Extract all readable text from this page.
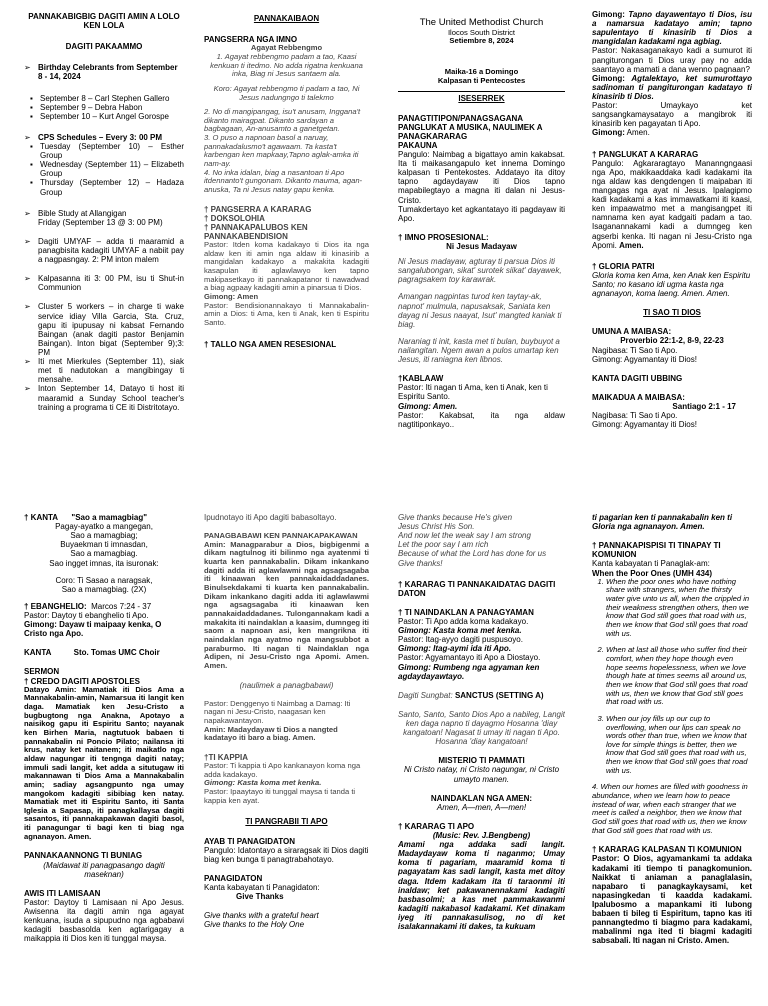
PANNAKABIGBIG DAGITI AMIN A LOLO KEN LOLA

DAGITI PAKAAMMO

➢ Birthday Celebrants from September 8 - 14, 2024

▪ September 8 – Carl Stephen Gallero
▪ September 9 – Debra Habon
▪ September 10 – Kurt Angel Gorospe

➢ CPS Schedules – Every 3: 00 PM

▪ Tuesday (September 10) – Esther Group
▪ Wednesday (September 11) – Elizabeth Group
▪ Thursday (September 12) – Hadaza Group

➢ Bible Study at Allangigan
Friday (September 13 @ 3: 00 PM)

➢ Dagiti UMYAF – adda ti maaramid a panagbisita kadagiti UMYAF a nabiit pay a nagpasngay. 2: PM inton malem

➢ Kalpasanna iti 3: 00 PM, isu ti Shut-in Communion

➢ Cluster 5 workers – in charge ti wake service idiay Villa Garcia, Sta. Cruz, gapu iti ipupusay ni kabsat Fernando Baingan (anak dagiti pastor Benjamin Baingan). Inton bigat (September 9);3: PM

➢ Iti met Mierkules (September 11), siak met ti nadutokan a mangibingay ti mensahe.

➢ Inton September 14, Datayo ti host iti maaramid a Sunday School teacher's training a programa ti CE iti Distritotayo.

PANNAKAIBAON

PANGSERRA NGA IMNO

Agayat Rebbengmo

1. Agayat rebbengmo padam a tao, Kaasi kenkuan ti itedmo. No adda rigatna kenkuana inka, Biag ni Jesus santaem ala.

Koro: Agayat rebbengmo ti padam a tao, Ni Jesus nadungngo ti talekmo

2. No di mangipangag, isu't anusam, Inggana't dikanto mairagpat. Dikanto sardayan a bagbagaan, An-anusamto a ganetgetan.

3. O puso a napnoan basol a naruay, pannakadalusmo't agawaam. Ta kasta't karbengan ken mapkaay,Tapno aglak-amka iti nam-ay.

4. No inka idalan, biag a nasantoan ti Apo itdennanto't gungonam. Dikanto mauma, agan-anuska, Ta ni Jesus natay gapu kenka.

† PANGSERRA A KARARAG

† DOKSOLOHIA

† PANNAKAPALUBOS KEN PANNAKABENDISION

Pastor: Itden koma kadakayo ti Dios ita nga aldaw ken iti amin nga aldaw iti kinasirib a mangidalan kadakayo a makakita kadagiti kasapulan iti aglawlawyo ken tapno makipasetkayo iti pannakapatanor ti nawadwad a biag agpaay kadagiti amin a pinarsua ti Dios.

Gimong: Amen

Pastor: Bendisionannakayo ti Mannakabalin-amin a Dios: ti Ama, ken ti Anak, ken ti Espiritu Santo.

† TALLO NGA AMEN RESESIONAL

The United Methodist Church

Ilocos South District

Setiembre 8, 2024

Maika-16 a Domingo

Kalpasan ti Pentecostes

ISESERREK

PANAGTITIPON/PANAGSAGANA PANGLUKAT A MUSIKA, NAULIMEK A PANAGKARARAG

PAKAUNA

Pangulo: Naimbag a bigattayo amin kakabsat. Ita ti maikasangapulo ket innema Domingo kalpasan ti Pentekostes. Addatayo ita ditoy tapno agdaydayaw iti Dios tapno mapabilegtayo a magna iti dalan ni Jesus-Cristo.

Tumakdertayo ket agkantatayo iti pagdayaw iti Apo.

† IMNO PROSESIONAL:

Ni Jesus Madayaw

Ni Jesus madayaw, agturay ti parsua Dios iti sangalubongan, sikat' surotek siikat' dayawek, pagragsakem toy karawrak.

Amangan nagpintas turod ken taytay-ak, napnot' mulmula, napusaksak, Saniata ken dayag ni Jesus naayat, Isut' mangted kaniak ti biag.

Naraniag ti init, kasta met ti bulan, buybuyot a nailangitan. Ngem awan a pulos umartap ken Jesus, iti raniagna ken libnos.

†KABLAAW

Pastor: Iti nagan ti Ama, ken ti Anak, ken ti Espiritu Santo.

Gimong: Amen.

Pastor: Kakabsat, ita nga aldaw nagtitiponkayo..

Gimong: Tapno dayawentayo ti Dios, isu a namarsua kadatayo amin; tapno sapulentayo ti kinasirib ti Dios a mangidalan kadakami nga agbiag.

Pastor: Nakasaganakayo kadi a sumurot iti pangiturongan ti Dios uray pay no adda saantayo a mamati a dana wenno pagnaan?

Gimong: Agtalektayo, ket sumurottayo sadinoman ti pangiturongan kadatayo ti kinasirib ti Dios.

Pastor:	Umaykayo ket sangsangkamaysatayo a mangibrok iti kinasirib ken pagayatan ti Apo.

Gimong: Amen.

† PANGLUKAT A KARARAG

Pangulo: Agkararagtayo Mananngngaasi nga Apo, makikaaddaka kadi kadakami ita nga aldaw kas dengdengen ti maipaban iti mangagas nga ayat ni Jesus. Ipalagipmo kadi kadakami a kas immawatkami iti kaasi, ken impaawatmo met a mangisangpet iti namnama ken ayat kadgaiti padam a tao. Isaganannakami kadi a dumngeg ken agserbi kenka. Iti nagan ni Jesu-Cristo nga Apomi. Amen.

† GLORIA PATRI

Gloria koma ken Ama, ken Anak ken Espiritu Santo; no kasano idi ugma kasta nga agnanayon, koma laeng. Amen. Amen.

TI SAO TI DIOS

UMUNA A MAIBASA:

Proverbio 22:1-2, 8-9, 22-23

Nagibasa: Ti Sao ti Apo.

Gimong: Agyamantay iti Dios!

KANTA DAGITI UBBING

MAIKADUA A MAIBASA:

Santiago 2:1 - 17

Nagibasa: Ti Sao ti Apo.

Gimong: Agyamantay iti Dios!

† KANTA "Sao a mamagbiag"

Pagay-ayatko a mangegan,

Sao a mamagbiag;

Buyaekman ti imnasdan,

Sao a mamagbiag.

Sao ingget imnas, ita isuronak:

Coro: Ti Sasao a naragsak,

Sao a mamagbiag. (2X)

† EBANGHELIO: Marcos 7:24 - 37

Pastor: Daytoy ti ebanghelio ti Apo.

Gimong: Dayaw ti maipaay kenka, O Cristo nga Apo.

KANTA	Sto. Tomas UMC Choir

SERMON

† CREDO DAGITI APOSTOLES

Datayo Amin: Mamatiak iti Dios Ama a Mannakabalin-amin, Namarsua iti langit ken daga. Mamatiak ken Jesu-Cristo a bugbugtong nga Anakna, Apotayo a naisikog gapu iti Espiritu Santo; nayanak ken Birhen Maria, nagtutuok babaen ti pannakabalin ni Poncio Pilato; nailansa iti krus, natay ket naitanem; iti maikatlo nga aldaw nagungar iti tengnga dagiti natay; immuli sadi langit, ket adda a situtugaw iti makannawan ti Dios Ama a Mannakabalin amin; sadiay agsangpunto nga umay mangokom kadagiti sibibiag ken natay. Mamatiak met iti Espiritu Santo, iti Santa Iglesia a Sapasap, iti panagkallaysa dagiti sasantos, iti pannakapakawan dagiti basol, iti panagungar ti bagi ken ti biag nga agnanayon. Amen.

PANNAKAANNONG TI BUNIAG

(Maidawat iti panagpasango dagiti maseknan)

AWIS ITI LAMISAAN

Pastor: Daytoy ti Lamisaan ni Apo Jesus. Awisenna ita dagiti amin nga agayat kenkuana, isuda a sipupudno nga agbabawi kadagiti basbasolda ken agtarigagay a maikappia iti Dios ken iti tunggal maysa.

Ipudnotayo iti Apo dagiti babasoltayo.

PANAGBABAWI KEN PANNAKAPAKAWAN

Amin: Managparabur a Dios, bigbigenmi a dikam nagtulnog iti bilinmo nga ayatenmi ti kuarta ken pannakabalin. Dikam inkankano dagiti adda iti aglawlawmi nga agsagsagaba iti kinaawan ken pannakaidaddadanes. Binulsekdakami ti kuarta ken pannakabalin. Dikam inkankano dagiti adda iti aglawlawmi nga agsagsagaba iti kinaawan ken pannakaidaddadanes. Tulongannakam kadi a makakita iti naindaklan a kaasim, dumngeg iti saom a napnoan asi, ken mangrikna iti naindaklan nga ayatmo nga mangsubbot a paraburmo. Iti nagan ti Naindaklan nga Adipen, ni Jesu-Cristo nga Apomi. Amen. Amen.

(naulimek a panagbabawi)

Pastor: Denggenyo ti Naimbag a Damag: Iti nagan ni Jesu-Cristo, naagasan ken napakawantayon.

Amin: Madaydayaw ti Dios a nangted kadatayo iti baro a biag. Amen.

†TI KAPPIA

Pastor: Ti kappia ti Apo kankanayon koma nga adda kadakayo.

Gimong: Kasta koma met kenka.

Pastor: Ipaaytayo iti tunggal maysa ti tanda ti kappia ken ayat.

TI PANGRABII TI APO

AYAB TI PANAGIDATON

Pangulo: Idatontayo a siraragsak iti Dios dagiti biag ken bunga ti panagtrabahotayo.

PANAGIDATON

Kanta kabayatan ti Panagidaton:

Give Thanks

Give thanks with a grateful heart

Give thanks to the Holy One

Give thanks because He's given

Jesus Christ His Son.

And now let the weak say I am strong

Let the poor say I am rich

Because of what the Lord has done for us

Give thanks!

† KARARAG TI PANNAKAIDATAG DAGITI DATON

† TI NAINDAKLAN A PANAGYAMAN

Pastor: Ti Apo adda koma kadakayo.

Gimong: Kasta koma met kenka.

Pastor: Itag-ayyo dagiti puspusoyo.

Gimong: Itag-aymi ida iti Apo.

Pastor: Agyamantayo iti Apo a Diostayo.

Gimong: Rumbeng nga agyaman ken agdaydayawtayo.

Dagiti Sungbat: SANCTUS (SETTING A)

Santo, Santo, Santo Dios Apo a nabileg, Langit ken daga napno ti dayagmo Hosanna 'diay kangatoan! Nagasat ti umay iti nagan ti Apo. Hosanna 'diay kangatoan!

MISTERIO TI PAMMATI

Ni Cristo natay, ni Cristo nagungar, ni Cristo umayto manen.

NAINDAKLAN NGA AMEN:

Amen, A—men, A—men!

† KARARAG TI APO

(Music: Rev. J.Bengbeng)

Amami nga addaka sadi langit. Madaydayaw koma ti naganmo; Umay koma ti pagariam, maaramid koma ti pagayatam kas sadi langit, kasta met ditoy daga. Itdem kadakam ita ti taraonmi iti inaldaw; ket pakawanennakami kadagiti basbasolmi; a kas met pammakawanmi kadagiti nakabasol kadakami. Ket dinakam iyeg iti pannakasulisog, no di ket isalakannakami iti dakes, ta kukuam

ti pagarian ken ti pannakabalin ken ti Gloria nga agnanayon. Amen.

† PANNAKAPISPISI TI TINAPAY TI KOMUNION

Kanta kabayatan ti Panaglak-am:

When the Poor Ones (UMH 434)

1. When the poor ones who have nothing share with strangers, when the thirsty water give unto us all, when the crippled in their weakness strengthen others, then we know that God still goes that road with us, then we know that God still goes that road with us.
2. When at last all those who suffer find their comfort, when they hope though even hope seems hopelessness, when we love though hate at times seems all around us, then we know that God still goes that road with us, then we know that God still goes that road with us.
3. When our joy fills up our cup to overflowing, when our lips can speak no words other than true, when we know that love for simple things is better, then we know that God still goes that road with us, then we know that God still goes that road with us.

4. When our homes are filled with goodness in abundance, when we learn how to peace instead of war, when each stranger that we meet is called a neighbor, then we know that God still goes that road with us, then we know that God still goes that road with us.

† KARARAG KALPASAN TI KOMUNION

Pastor: O Dios, agyamankami ta addaka kadakami iti tiempo ti panagkomunion. Naikkat ti aniaman a panaglalasin, napabaro ti panagkaykaysami, ket napasingkedan ti kaadda kadakami. Ipalubosmo a mapankami iti lubong babaen ti bileg ti Espiritum, tapno kas iti pannangtedmo ti biagmo para kadakami, mabalinmi nga ited ti biagmi kadagiti sabsabali. Iti nagan ni Cristo. Amen.
